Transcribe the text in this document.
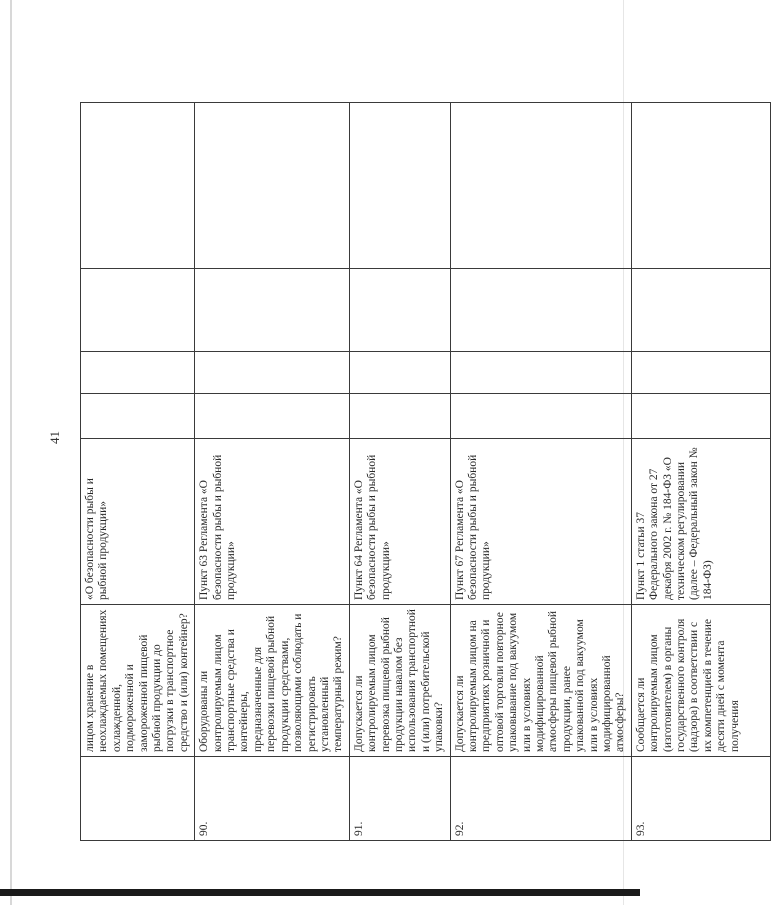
41
	лицом хранение в неохлаждаемых помещениях охлажденной, подмороженной и замороженной пищевой рыбной продукции до погрузки в транспортное средство и (или) контейнер?	«О безопасности рыбы и рыбной продукции»				
90.	Оборудованы ли контролируемым лицом транспортные средства и контейнеры, предназначенные для перевозки пищевой рыбной продукции средствами, позволяющими соблюдать и регистрировать установленный температурный режим?	Пункт 63 Регламента «О безопасности рыбы и рыбной продукции»				
91.	Допускается ли контролируемым лицом перевозка пищевой рыбной продукции навалом без использования транспортной и (или) потребительской упаковки?	Пункт 64 Регламента «О безопасности рыбы и рыбной продукции»				
92.	Допускается ли контролируемым лицом на предприятиях розничной и оптовой торговли повторное упаковывание под вакуумом или в условиях модифицированной атмосферы пищевой рыбной продукции, ранее упакованной под вакуумом или в условиях модифицированной атмосферы?	Пункт 67 Регламента «О безопасности рыбы и рыбной продукции»				
93.	Сообщается ли контролируемым лицом (изготовителем) в органы государственного контроля (надзора) в соответствии с их компетенцией в течение десяти дней с момента получения	Пункт 1 статьи 37 Федерального закона от 27 декабря 2002 г. № 184-ФЗ «О техническом регулировании (далее – Федеральный закон № 184-ФЗ)				
